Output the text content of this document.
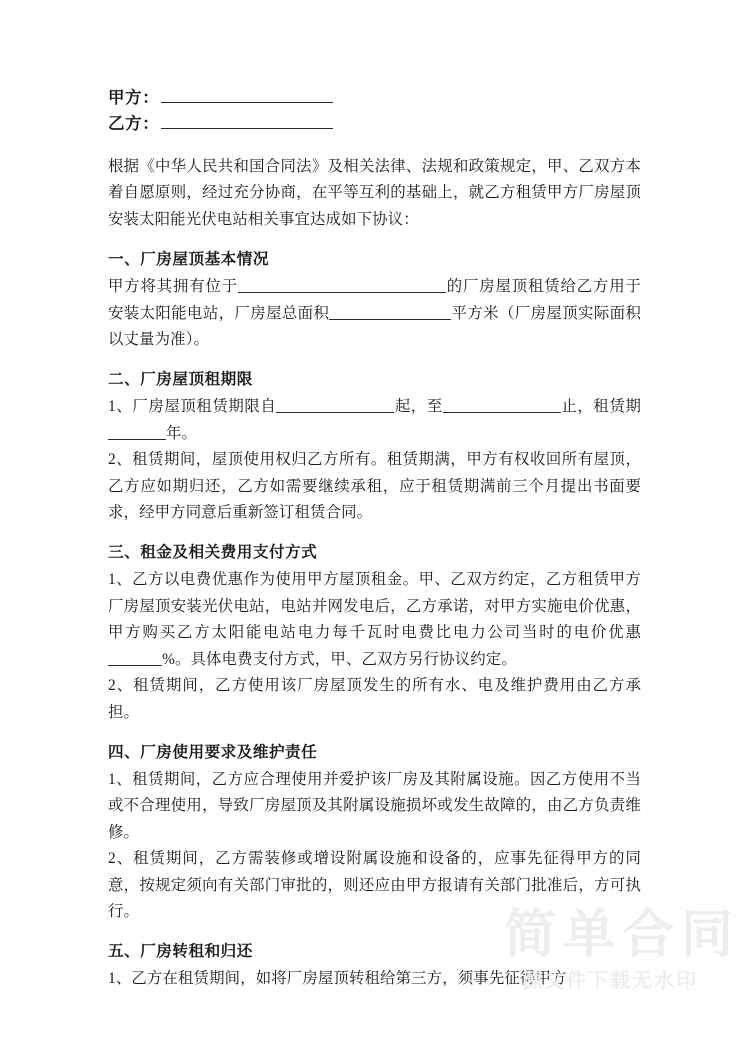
甲方：
乙方：

根据《中华人民共和国合同法》及相关法律、法规和政策规定，甲、乙双方本着自愿原则，经过充分协商，在平等互利的基础上，就乙方租赁甲方厂房屋顶安装太阳能光伏电站相关事宜达成如下协议：

一、厂房屋顶基本情况

甲方将其拥有位于	的厂房屋顶租赁给乙方用于安装太阳能电站，厂房屋总面积	平方米（厂房屋顶实际面积以丈量为准）。

二、厂房屋顶租期限

1、厂房屋顶租赁期限自	起，至	止，租赁期年。

2、租赁期间，屋顶使用权归乙方所有。租赁期满，甲方有权收回所有屋顶，乙方应如期归还，乙方如需要继续承租，应于租赁期满前三个月提出书面要求，经甲方同意后重新签订租赁合同。

三、租金及相关费用支付方式

1、乙方以电费优惠作为使用甲方屋顶租金。甲、乙双方约定，乙方租赁甲方厂房屋顶安装光伏电站，电站并网发电后，乙方承诺，对甲方实施电价优惠，甲方购买乙方太阳能电站电力每千瓦时电费比电力公司当时的电价优惠%。具体电费支付方式，甲、乙双方另行协议约定。

2、租赁期间，乙方使用该厂房屋顶发生的所有水、电及维护费用由乙方承担。

四、厂房使用要求及维护责任

1、租赁期间，乙方应合理使用并爱护该厂房及其附属设施。因乙方使用不当或不合理使用，导致厂房屋顶及其附属设施损坏或发生故障的，由乙方负责维修。

2、租赁期间，乙方需装修或增设附属设施和设备的，应事先征得甲方的同意，按规定须向有关部门审批的，则还应由甲方报请有关部门批准后，方可执行。

五、厂房转租和归还

1、乙方在租赁期间，如将厂房屋顶转租给第三方，须事先征得甲方

简单合同
源文件下载无水印
